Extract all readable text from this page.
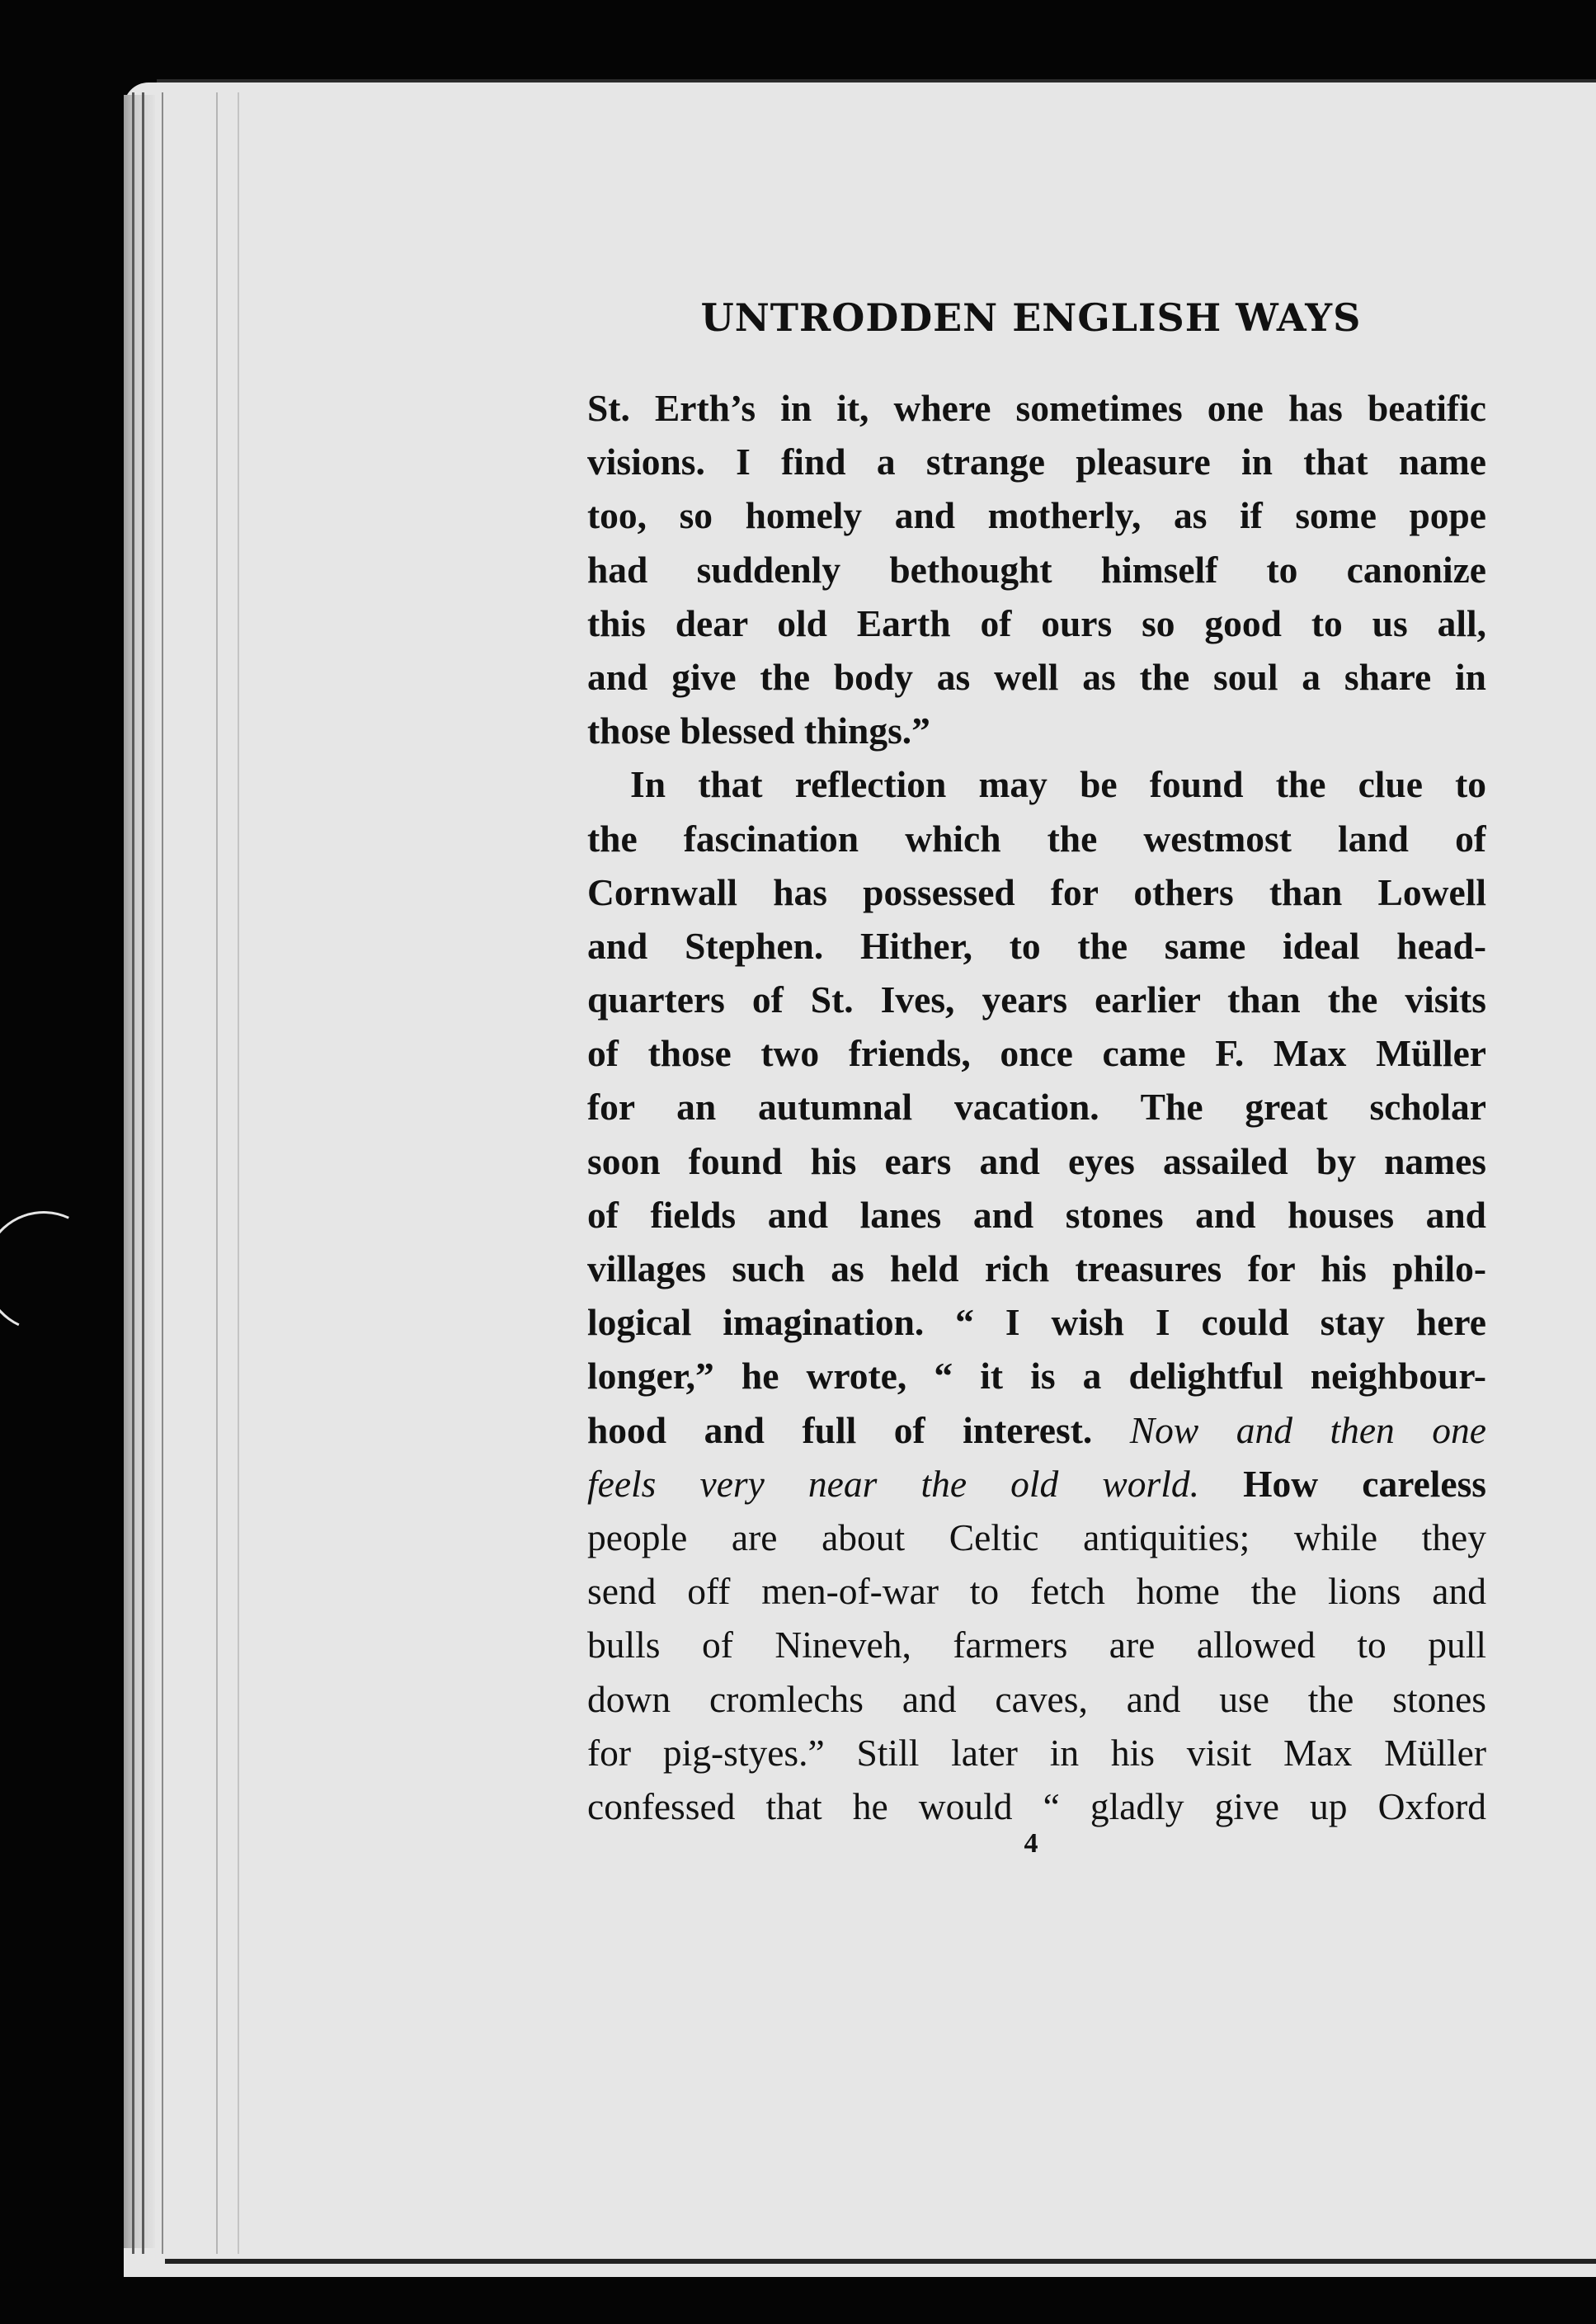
UNTRODDEN ENGLISH WAYS
St. Erth’s in it, where sometimes one has beatific
visions. I find a strange pleasure in that name
too, so homely and motherly, as if some pope
had suddenly bethought himself to canonize
this dear old Earth of ours so good to us all,
and give the body as well as the soul a share in
those blessed things.”
In that reflection may be found the clue to
the fascination which the westmost land of
Cornwall has possessed for others than Lowell
and Stephen. Hither, to the same ideal head-
quarters of St. Ives, years earlier than the visits
of those two friends, once came F. Max Müller
for an autumnal vacation. The great scholar
soon found his ears and eyes assailed by names
of fields and lanes and stones and houses and
villages such as held rich treasures for his philo-
logical imagination. “ I wish I could stay here
longer,” he wrote, “ it is a delightful neighbour-
hood and full of interest. Now and then one
feels very near the old world. How careless
people are about Celtic antiquities; while they
send off men-of-war to fetch home the lions and
bulls of Nineveh, farmers are allowed to pull
down cromlechs and caves, and use the stones
for pig-styes.” Still later in his visit Max Müller
confessed that he would “ gladly give up Oxford
4
